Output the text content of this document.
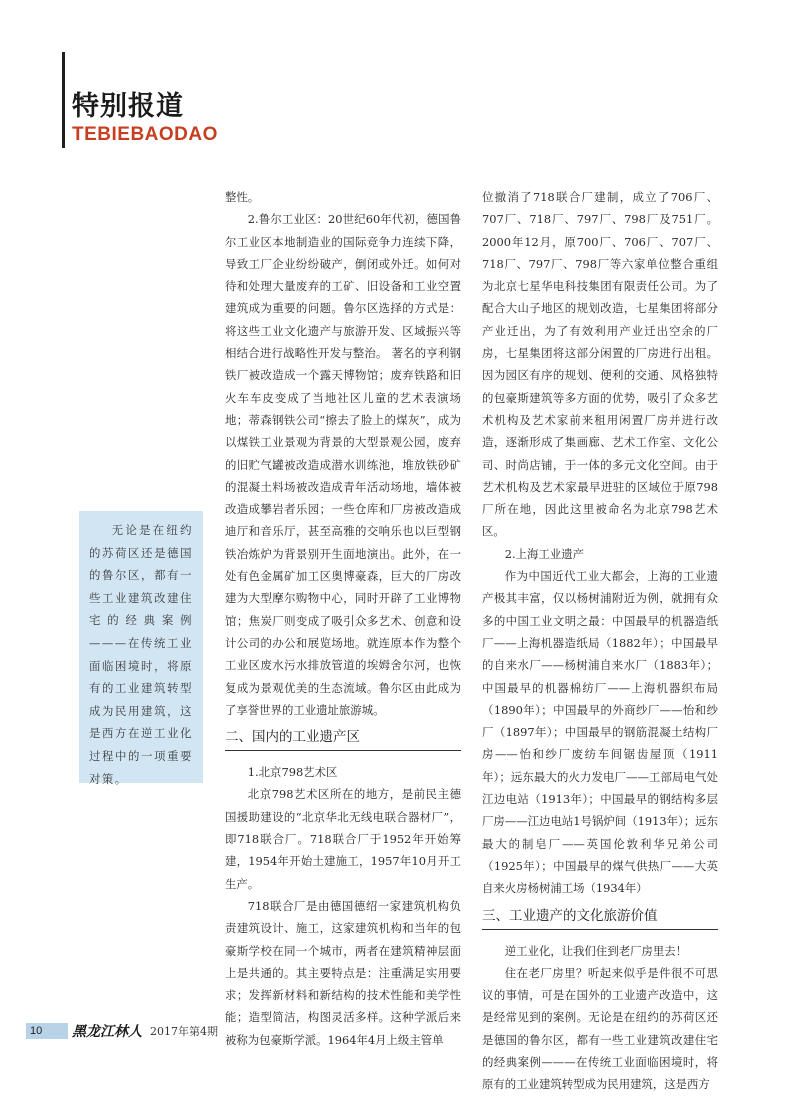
特别报道
TEBIEBAODAO
无论是在纽约的苏荷区还是德国的鲁尔区，都有一些工业建筑改建住宅的经典案例———在传统工业面临困境时，将原有的工业建筑转型成为民用建筑，这是西方在逆工业化过程中的一项重要对策。

整性。

2.鲁尔工业区：20世纪60年代初，德国鲁尔工业区本地制造业的国际竞争力连续下降，导致工厂企业纷纷破产，倒闭或外迁。如何对待和处理大量废弃的工矿、旧设备和工业空置建筑成为重要的问题。鲁尔区选择的方式是：将这些工业文化遗产与旅游开发、区域振兴等相结合进行战略性开发与整治。 著名的亨利钢铁厂被改造成一个露天博物馆；废弃铁路和旧火车车皮变成了当地社区儿童的艺术表演场地；蒂森钢铁公司“擦去了脸上的煤灰”，成为以煤铁工业景观为背景的大型景观公园，废弃的旧贮气罐被改造成潜水训练池，堆放铁砂矿的混凝土料场被改造成青年活动场地，墙体被改造成攀岩者乐园；一些仓库和厂房被改造成迪厅和音乐厅，甚至高雅的交响乐也以巨型钢铁冶炼炉为背景别开生面地演出。此外，在一处有色金属矿加工区奥博豪森，巨大的厂房改建为大型摩尔购物中心，同时开辟了工业博物馆；焦炭厂则变成了吸引众多艺术、创意和设计公司的办公和展览场地。就连原本作为整个工业区废水污水排放管道的埃姆舍尔河，也恢复成为景观优美的生态流域。鲁尔区由此成为了享誉世界的工业遗址旅游城。

二、国内的工业遗产区

1.北京798艺术区

北京798艺术区所在的地方，是前民主德国援助建设的“北京华北无线电联合器材厂”，即718联合厂。718联合厂于1952年开始筹建，1954年开始土建施工，1957年10月开工生产。

718联合厂是由德国德绍一家建筑机构负责建筑设计、施工，这家建筑机构和当年的包豪斯学校在同一个城市，两者在建筑精神层面上是共通的。其主要特点是：注重满足实用要求；发挥新材料和新结构的技术性能和美学性能；造型简洁，构图灵活多样。这种学派后来被称为包豪斯学派。1964年4月上级主管单

位撤消了718联合厂建制，成立了706厂、707厂、718厂、797厂、798厂及751厂。2000年12月，原700厂、706厂、707厂、718厂、797厂、798厂等六家单位整合重组为北京七星华电科技集团有限责任公司。为了配合大山子地区的规划改造，七星集团将部分产业迁出，为了有效利用产业迁出空余的厂房，七星集团将这部分闲置的厂房进行出租。因为园区有序的规划、便利的交通、风格独特的包豪斯建筑等多方面的优势，吸引了众多艺术机构及艺术家前来租用闲置厂房并进行改造，逐渐形成了集画廊、艺术工作室、文化公司、时尚店铺，于一体的多元文化空间。由于艺术机构及艺术家最早进驻的区域位于原798厂所在地，因此这里被命名为北京798艺术区。

2.上海工业遗产

作为中国近代工业大都会，上海的工业遗产极其丰富，仅以杨树浦附近为例，就拥有众多的中国工业文明之最：中国最早的机器造纸厂——上海机器造纸局（1882年）；中国最早的自来水厂——杨树浦自来水厂（1883年）；中国最早的机器棉纺厂——上海机器织布局（1890年）；中国最早的外商纱厂——怡和纱厂（1897年）；中国最早的钢筋混凝土结构厂房——怡和纱厂废纺车间锯齿屋顶（1911年）；远东最大的火力发电厂——工部局电气处江边电站（1913年）；中国最早的钢结构多层厂房——江边电站1号锅炉间（1913年）；远东最大的制皂厂——英国伦敦利华兄弟公司（1925年）；中国最早的煤气供热厂——大英自来火房杨树浦工场（1934年）

三、工业遗产的文化旅游价值

逆工业化，让我们住到老厂房里去！

住在老厂房里？听起来似乎是件很不可思议的事情，可是在国外的工业遗产改造中，这是经常见到的案例。无论是在纽约的苏荷区还是德国的鲁尔区，都有一些工业建筑改建住宅的经典案例———在传统工业面临困境时，将原有的工业建筑转型成为民用建筑，这是西方

10	黑龙江林人 2017年第4期
